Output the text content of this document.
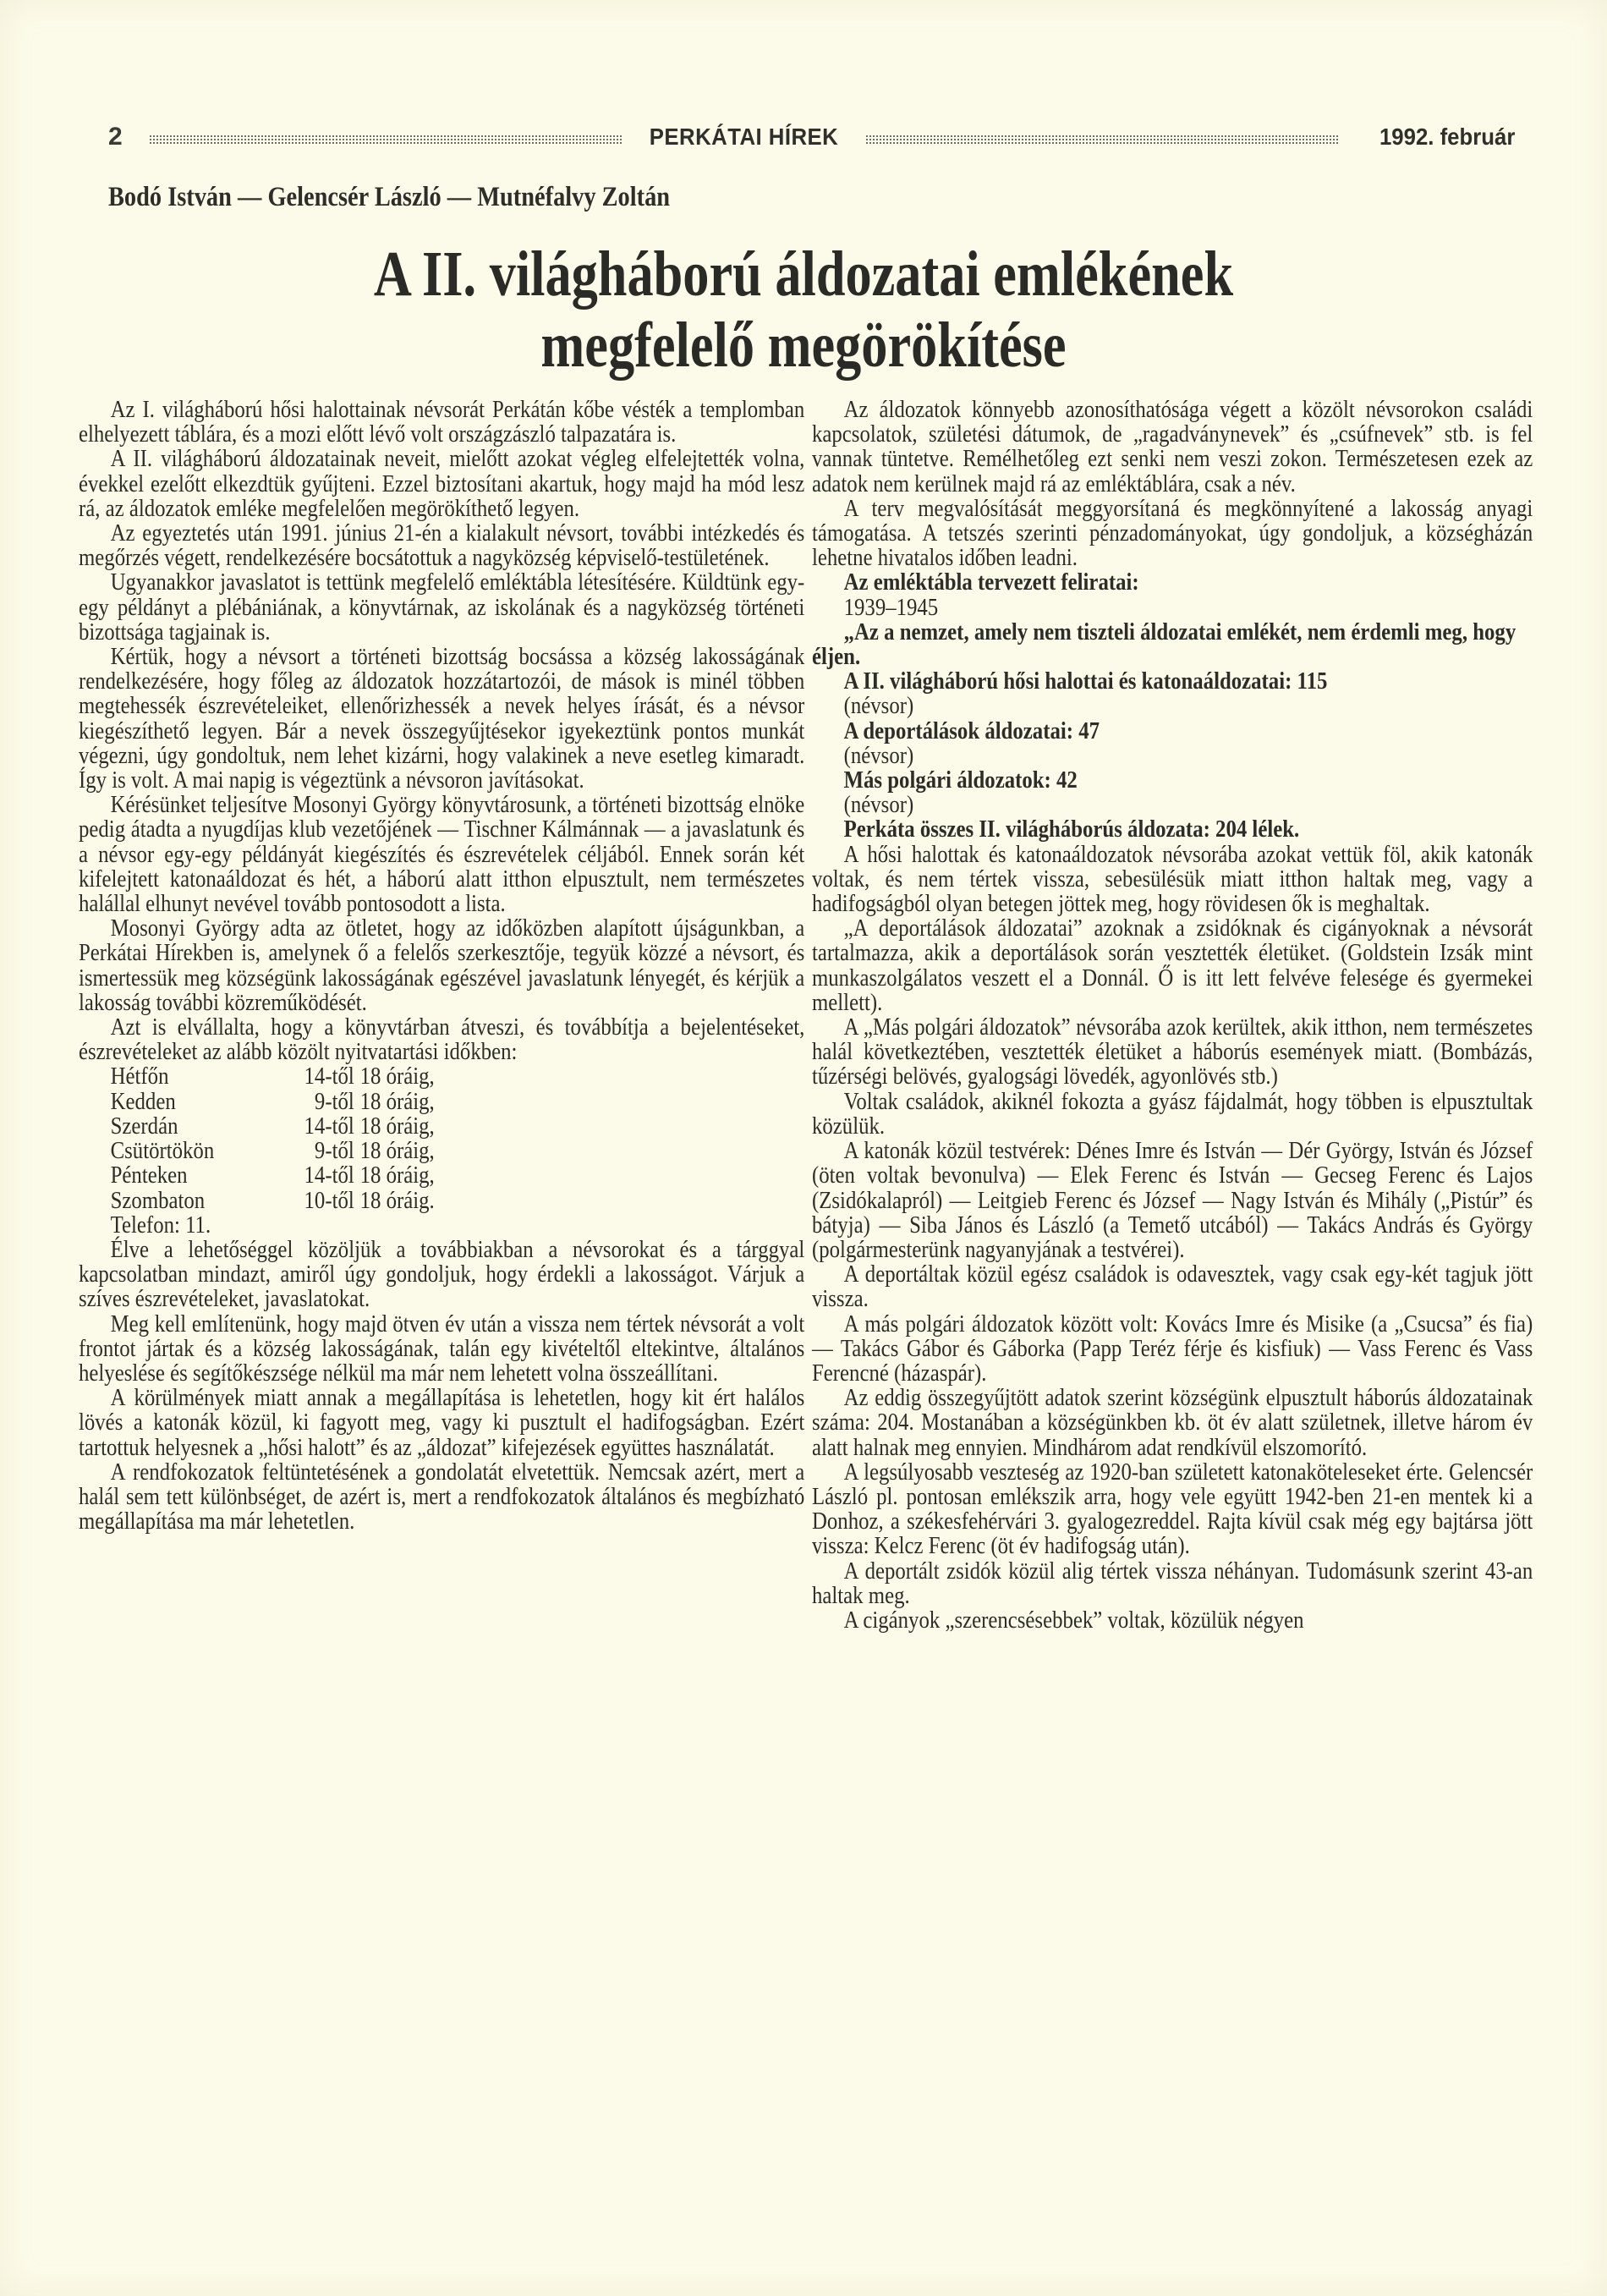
2	PERKÁTAI HÍREK	1992. február
Bodó István — Gelencsér László — Mutnéfalvy Zoltán
A II. világháború áldozatai emlékének
megfelelő megörökítése

Az I. világháború hősi halottainak névsorát Perkátán kőbe vésték a templomban elhelyezett táblára, és a mozi előtt lévő volt országzászló talpazatára is.

A II. világháború áldozatainak neveit, mielőtt azokat végleg elfelejtették volna, évekkel ezelőtt elkezdtük gyűjteni. Ezzel biztosítani akartuk, hogy majd ha mód lesz rá, az áldozatok emléke megfelelően megörökíthető legyen.

Az egyeztetés után 1991. június 21-én a kialakult névsort, további intézkedés és megőrzés végett, rendelkezésére bocsátottuk a nagyközség képviselő-testületének.

Ugyanakkor javaslatot is tettünk megfelelő emléktábla létesítésére. Küldtünk egy-egy példányt a plébániának, a könyvtárnak, az iskolának és a nagyközség történeti bizottsága tagjainak is.

Kértük, hogy a névsort a történeti bizottság bocsássa a község lakosságának rendelkezésére, hogy főleg az áldozatok hozzátartozói, de mások is minél többen megtehessék észrevételeiket, ellenőrizhessék a nevek helyes írását, és a névsor kiegészíthető legyen. Bár a nevek összegyűjtésekor igyekeztünk pontos munkát végezni, úgy gondoltuk, nem lehet kizárni, hogy valakinek a neve esetleg kimaradt. Így is volt. A mai napig is végeztünk a névsoron javításokat.

Kérésünket teljesítve Mosonyi György könyvtárosunk, a történeti bizottság elnöke pedig átadta a nyugdíjas klub vezetőjének — Tischner Kálmánnak — a javaslatunk és a névsor egy-egy példányát kiegészítés és észrevételek céljából. Ennek során két kifelejtett katonaáldozat és hét, a háború alatt itthon elpusztult, nem természetes halállal elhunyt nevével tovább pontosodott a lista.

Mosonyi György adta az ötletet, hogy az időközben alapított újságunkban, a Perkátai Hírekben is, amelynek ő a felelős szerkesztője, tegyük közzé a névsort, és ismertessük meg községünk lakosságának egészével javaslatunk lényegét, és kérjük a lakosság további közreműködését.

Azt is elvállalta, hogy a könyvtárban átveszi, és továbbítja a bejelentéseket, észrevételeket az alább közölt nyitvatartási időkben:

Hétfőn	14-től 18 óráig,
Kedden	9-től 18 óráig,
Szerdán	14-től 18 óráig,
Csütörtökön	9-től 18 óráig,
Pénteken	14-től 18 óráig,
Szombaton	10-től 18 óráig.
Telefon: 11.

Élve a lehetőséggel közöljük a továbbiakban a névsorokat és a tárggyal kapcsolatban mindazt, amiről úgy gondoljuk, hogy érdekli a lakosságot. Várjuk a szíves észrevételeket, javaslatokat.

Meg kell említenünk, hogy majd ötven év után a vissza nem tértek névsorát a volt frontot jártak és a község lakosságának, talán egy kivételtől eltekintve, általános helyeslése és segítőkészsége nélkül ma már nem lehetett volna összeállítani.

A körülmények miatt annak a megállapítása is lehetetlen, hogy kit ért halálos lövés a katonák közül, ki fagyott meg, vagy ki pusztult el hadifogságban. Ezért tartottuk helyesnek a „hősi halott” és az „áldozat” kifejezések együttes használatát.

A rendfokozatok feltüntetésének a gondolatát elvetettük. Nemcsak azért, mert a halál sem tett különbséget, de azért is, mert a rendfokozatok általános és megbízható megállapítása ma már lehetetlen.

Az áldozatok könnyebb azonosíthatósága végett a közölt névsorokon családi kapcsolatok, születési dátumok, de „ragadványnevek” és „csúfnevek” stb. is fel vannak tüntetve. Remélhetőleg ezt senki nem veszi zokon. Természetesen ezek az adatok nem kerülnek majd rá az emléktáblára, csak a név.

A terv megvalósítását meggyorsítaná és megkönnyítené a lakosság anyagi támogatása. A tetszés szerinti pénzadományokat, úgy gondoljuk, a községházán lehetne hivatalos időben leadni.

Az emléktábla tervezett feliratai:

1939–1945

„Az a nemzet, amely nem tiszteli áldozatai emlékét, nem érdemli meg, hogy éljen.

A II. világháború hősi halottai és katonaáldozatai: 115

(névsor)

A deportálások áldozatai: 47

(névsor)

Más polgári áldozatok: 42

(névsor)

Perkáta összes II. világháborús áldozata: 204 lélek.

A hősi halottak és katonaáldozatok névsorába azokat vettük föl, akik katonák voltak, és nem tértek vissza, sebesülésük miatt itthon haltak meg, vagy a hadifogságból olyan betegen jöttek meg, hogy rövidesen ők is meghaltak.

„A deportálások áldozatai” azoknak a zsidóknak és cigányoknak a névsorát tartalmazza, akik a deportálások során vesztették életüket. (Goldstein Izsák mint munkaszolgálatos veszett el a Donnál. Ő is itt lett felvéve felesége és gyermekei mellett).

A „Más polgári áldozatok” névsorába azok kerültek, akik itthon, nem természetes halál következtében, vesztették életüket a háborús események miatt. (Bombázás, tűzérségi belövés, gyalogsági lövedék, agyonlövés stb.)

Voltak családok, akiknél fokozta a gyász fájdalmát, hogy többen is elpusztultak közülük.

A katonák közül testvérek: Dénes Imre és István — Dér György, István és József (öten voltak bevonulva) — Elek Ferenc és István — Gecseg Ferenc és Lajos (Zsidókalapról) — Leitgieb Ferenc és József — Nagy István és Mihály („Pistúr” és bátyja) — Siba János és László (a Temető utcából) — Takács András és György (polgármesterünk nagyanyjának a testvérei).

A deportáltak közül egész családok is odavesztek, vagy csak egy-két tagjuk jött vissza.

A más polgári áldozatok között volt: Kovács Imre és Misike (a „Csucsa” és fia) — Takács Gábor és Gáborka (Papp Teréz férje és kisfiuk) — Vass Ferenc és Vass Ferencné (házaspár).

Az eddig összegyűjtött adatok szerint községünk elpusztult háborús áldozatainak száma: 204. Mostanában a községünkben kb. öt év alatt születnek, illetve három év alatt halnak meg ennyien. Mindhárom adat rendkívül elszomorító.

A legsúlyosabb veszteség az 1920-ban született katonaköteleseket érte. Gelencsér László pl. pontosan emlékszik arra, hogy vele együtt 1942-ben 21-en mentek ki a Donhoz, a székesfehérvári 3. gyalogezreddel. Rajta kívül csak még egy bajtársa jött vissza: Kelcz Ferenc (öt év hadifogság után).

A deportált zsidók közül alig tértek vissza néhányan. Tudomásunk szerint 43-an haltak meg.

A cigányok „szerencsésebbek” voltak, közülük négyen
